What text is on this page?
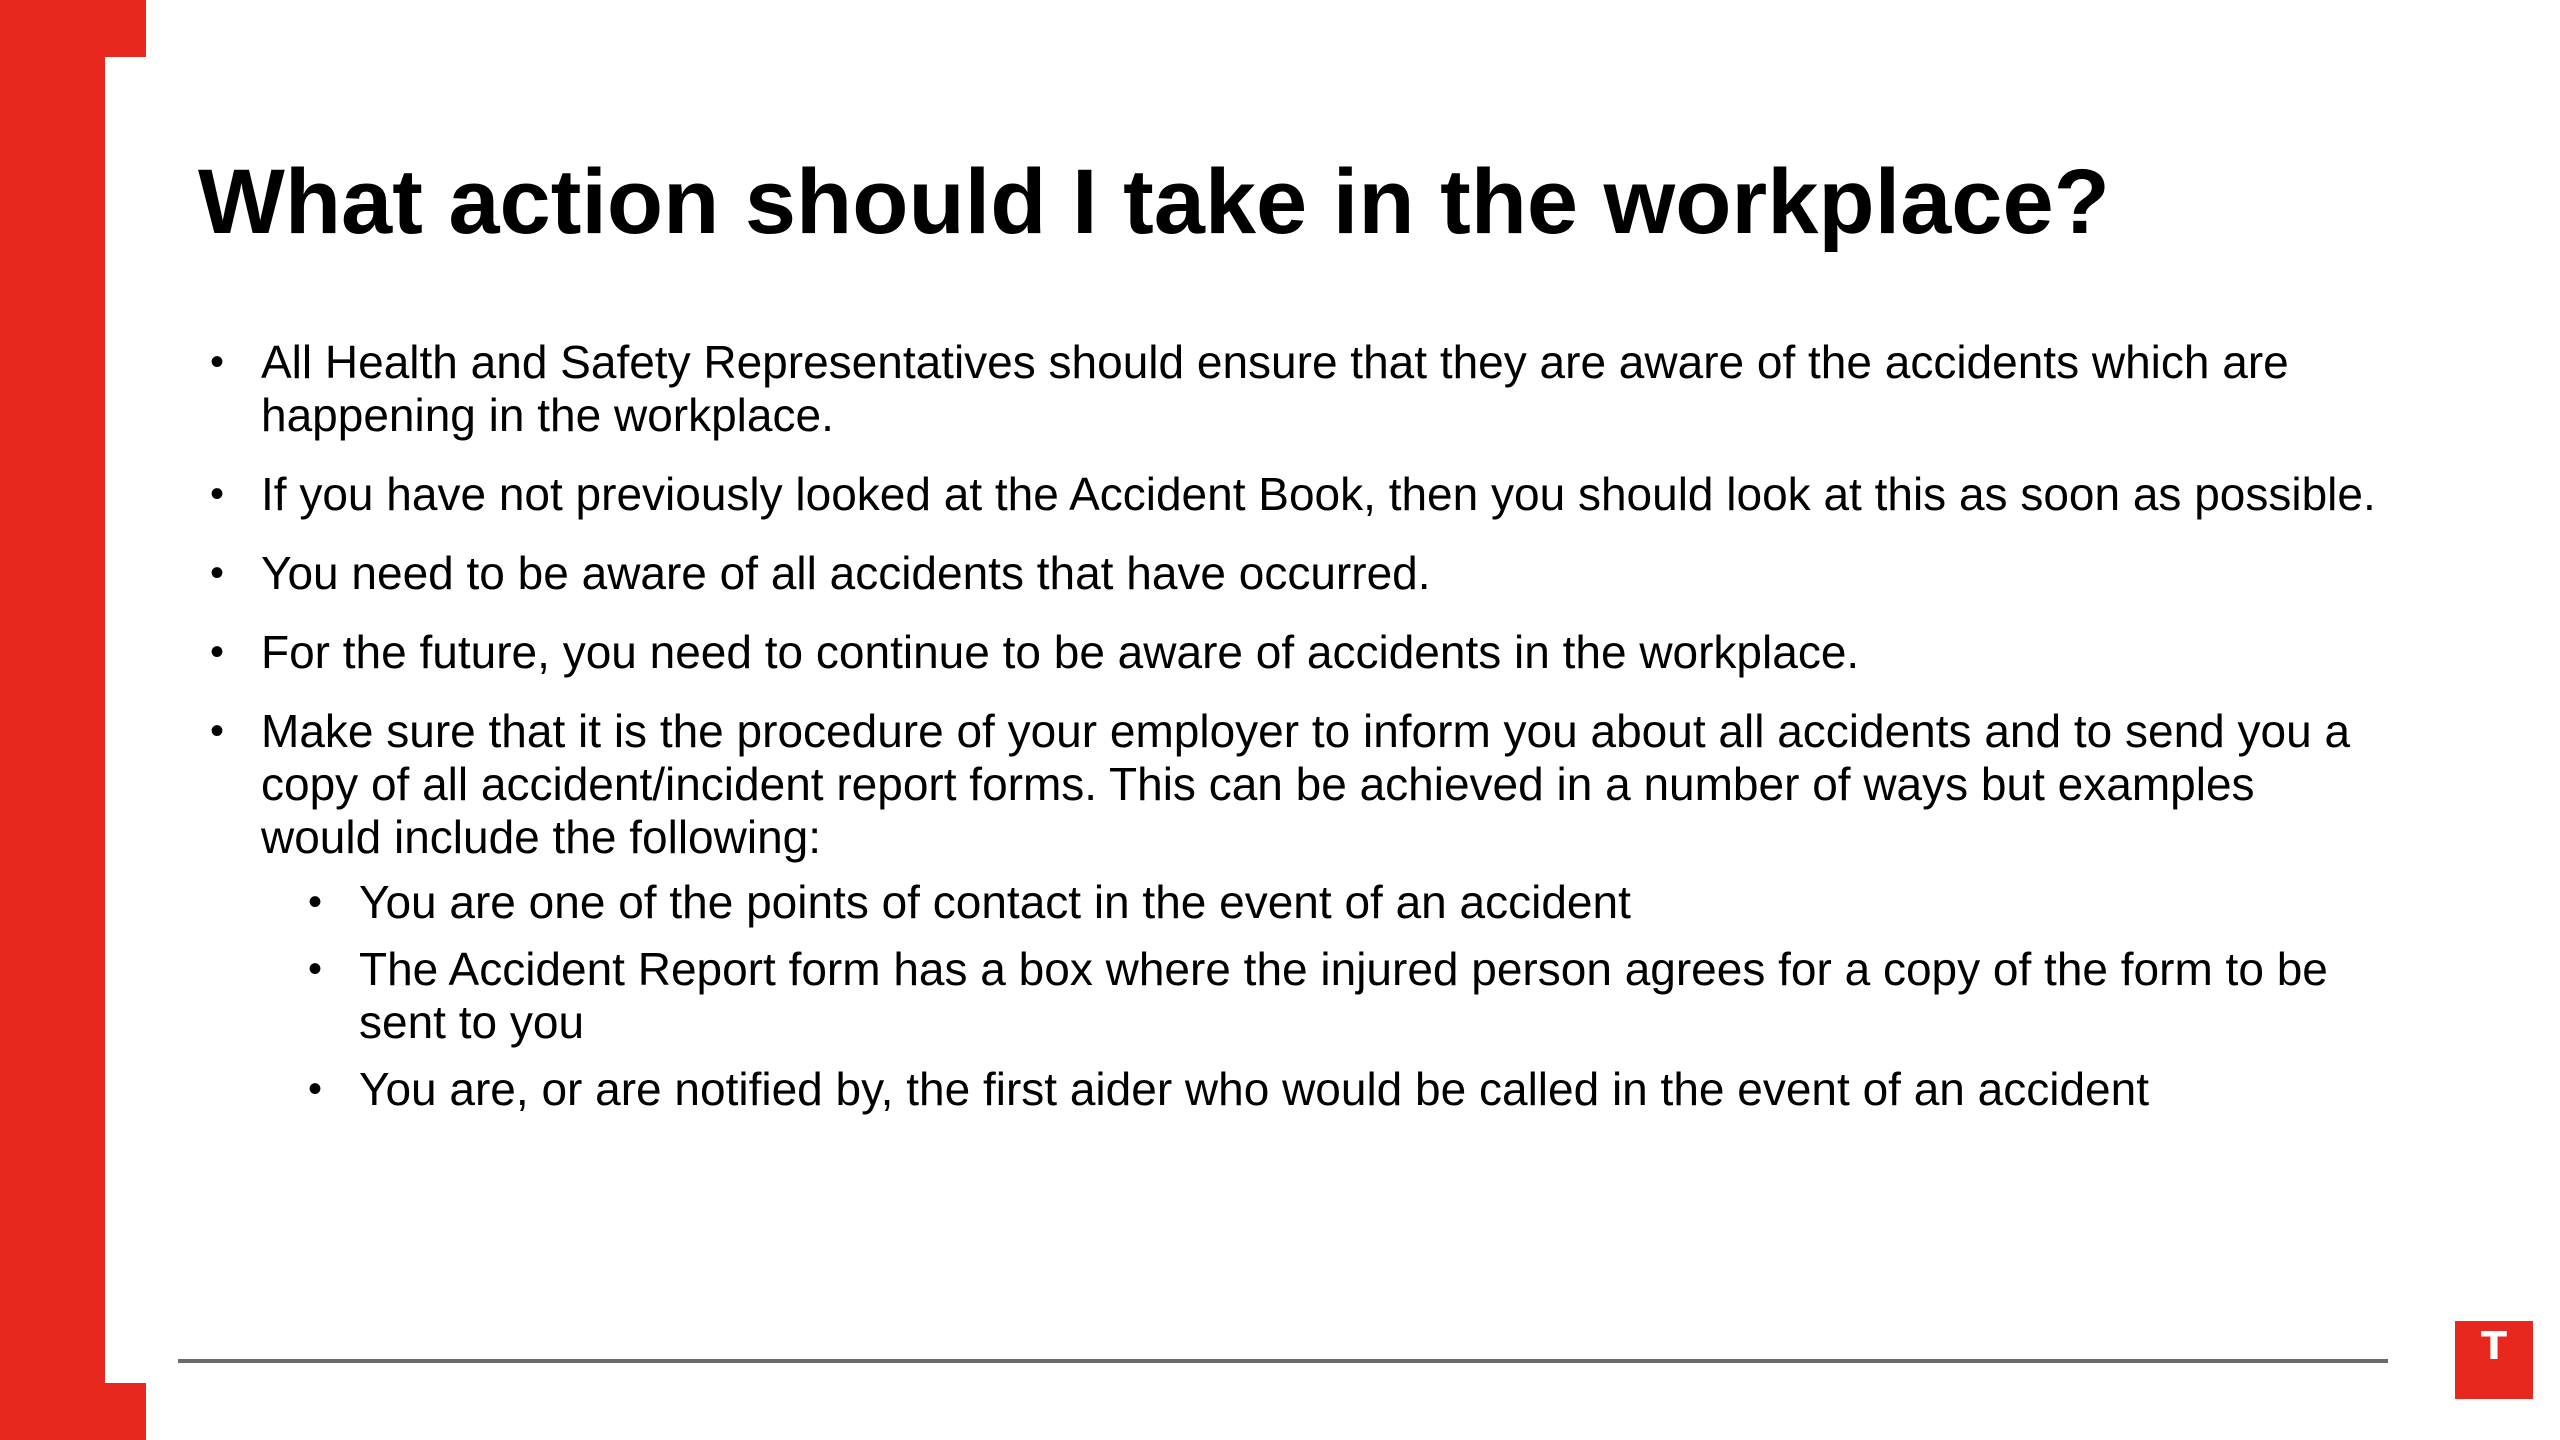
What action should I take in the workplace?
• All Health and Safety Representatives should ensure that they are aware of the accidents which are happening in the workplace.
• If you have not previously looked at the Accident Book, then you should look at this as soon as possible.
• You need to be aware of all accidents that have occurred.
• For the future, you need to continue to be aware of accidents in the workplace.
• Make sure that it is the procedure of your employer to inform you about all accidents and to send you a copy of all accident/incident report forms. This can be achieved in a number of ways but examples would include the following:
• You are one of the points of contact in the event of an accident
• The Accident Report form has a box where the injured person agrees for a copy of the form to be sent to you
• You are, or are notified by, the first aider who would be called in the event of an accident
T
